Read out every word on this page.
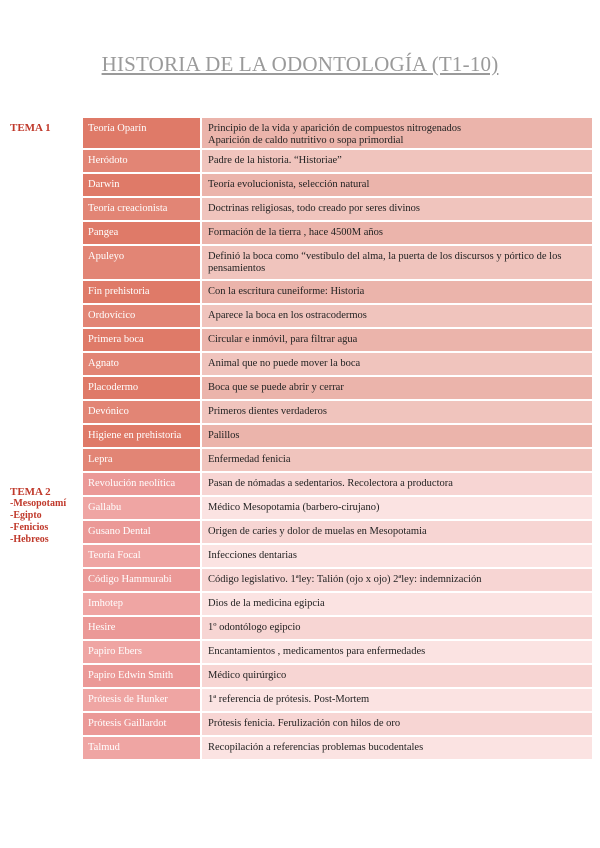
HISTORIA DE LA ODONTOLOGÍA (T1-10)
TEMA 1
TEMA 2
-Mesopotamí
-Egipto
-Fenicios
-Hebreos
Teoría Oparín	Principio de la vida y aparición de compuestos nitrogenados
Aparición de caldo nutritivo o sopa primordial
Heródoto	Padre de la historia. “Historiae”
Darwin	Teoría evolucionista, selección natural
Teoría creacionista	Doctrinas religiosas, todo creado por seres divinos
Pangea	Formación de la tierra , hace 4500M años
Apuleyo	Definió la boca como “vestíbulo del alma, la puerta de los discursos y pórtico de los pensamientos
Fin prehistoria	Con la escritura cuneiforme: Historia
Ordovícico	Aparece la boca en los ostracodermos
Primera boca	Circular e inmóvil, para filtrar agua
Agnato	Animal que no puede mover la boca
Placodermo	Boca que se puede abrir y cerrar
Devónico	Primeros dientes verdaderos
Higiene en prehistoria	Palillos
Lepra	Enfermedad fenicia
Revolución neolítica	Pasan de nómadas a sedentarios. Recolectora a productora
Gallabu	Médico Mesopotamia (barbero-cirujano)
Gusano Dental	Origen de caries y dolor de muelas en Mesopotamia
Teoría Focal	Infecciones dentarias
Código Hammurabi	Código legislativo. 1ªley: Talión (ojo x ojo) 2ªley: indemnización
Imhotep	Dios de la medicina egipcia
Hesire	1º odontólogo egipcio
Papiro Ebers	Encantamientos , medicamentos para enfermedades
Papiro Edwin Smith	Médico quirúrgico
Prótesis de Hunker	1ª referencia de prótesis. Post-Mortem
Prótesis Gaillardot	Prótesis fenicia. Ferulización con hilos de oro
Talmud	Recopilación a referencias problemas bucodentales
